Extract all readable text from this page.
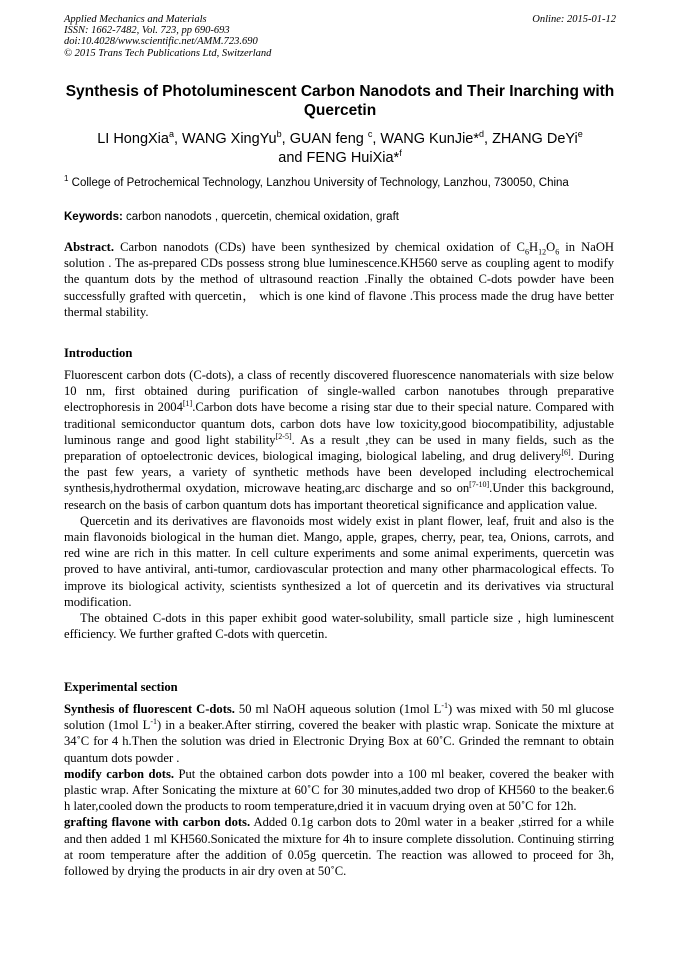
Applied Mechanics and Materials
ISSN: 1662-7482, Vol. 723, pp 690-693
doi:10.4028/www.scientific.net/AMM.723.690
© 2015 Trans Tech Publications Ltd, Switzerland
Online: 2015-01-12
Synthesis of Photoluminescent Carbon Nanodots and Their Inarching with Quercetin
LI HongXia$^a$, WANG XingYu$^b$, GUAN feng $^c$, WANG KunJie*$^d$, ZHANG DeYi$^e$
and FENG HuiXia*$^f$
$^1$ College of Petrochemical Technology, Lanzhou University of Technology, Lanzhou, 730050, China
Keywords: carbon nanodots , quercetin, chemical oxidation, graft

Abstract. Carbon nanodots (CDs) have been synthesized by chemical oxidation of $C_6H_{12}O_6$ in NaOH solution . The as-prepared CDs possess strong blue luminescence.KH560 serve as coupling agent to modify the quantum dots by the method of ultrasound reaction .Finally the obtained C-dots powder have been successfully grafted with quercetin， which is one kind of flavone .This process made the drug have better thermal stability.

Introduction

Fluorescent carbon dots (C-dots), a class of recently discovered fluorescence nanomaterials with size below 10 nm, first obtained during purification of single-walled carbon nanotubes through preparative electrophoresis in 2004[1].Carbon dots have become a rising star due to their special nature. Compared with traditional semiconductor quantum dots, carbon dots have low toxicity,good biocompatibility, adjustable luminous range and good light stability[2-5]. As a result ,they can be used in many fields, such as the preparation of optoelectronic devices, biological imaging, biological labeling, and drug delivery[6]. During the past few years, a variety of synthetic methods have been developed including electrochemical synthesis,hydrothermal oxydation, microwave heating,arc discharge and so on[7-10].Under this background, research on the basis of carbon quantum dots has important theoretical significance and application value.

Quercetin and its derivatives are flavonoids most widely exist in plant flower, leaf, fruit and also is the main flavonoids biological in the human diet. Mango, apple, grapes, cherry, pear, tea, Onions, carrots, and red wine are rich in this matter. In cell culture experiments and some animal experiments, quercetin was proved to have antiviral, anti-tumor, cardiovascular protection and many other pharmacological effects. To improve its biological activity, scientists synthesized a lot of quercetin and its derivatives via structural modification.

The obtained C-dots in this paper exhibit good water-solubility, small particle size , high luminescent efficiency. We further grafted C-dots with quercetin.

Experimental section

Synthesis of fluorescent C-dots. 50 ml NaOH aqueous solution (1mol $L^{-1}$) was mixed with 50 ml glucose solution (1mol $L^{-1}$) in a beaker.After stirring, covered the beaker with plastic wrap. Sonicate the mixture at 34˚C for 4 h.Then the solution was dried in Electronic Drying Box at 60˚C. Grinded the remnant to obtain quantum dots powder .

modify carbon dots. Put the obtained carbon dots powder into a 100 ml beaker, covered the beaker with plastic wrap. After Sonicating the mixture at 60˚C for 30 minutes,added two drop of KH560 to the beaker.6 h later,cooled down the products to room temperature,dried it in vacuum drying oven at 50˚C for 12h.

grafting flavone with carbon dots. Added 0.1g carbon dots to 20ml water in a beaker ,stirred for a while and then added 1 ml KH560.Sonicated the mixture for 4h to insure complete dissolution. Continuing stirring at room temperature after the addition of 0.05g quercetin. The reaction was allowed to proceed for 3h, followed by drying the products in air dry oven at 50˚C.
